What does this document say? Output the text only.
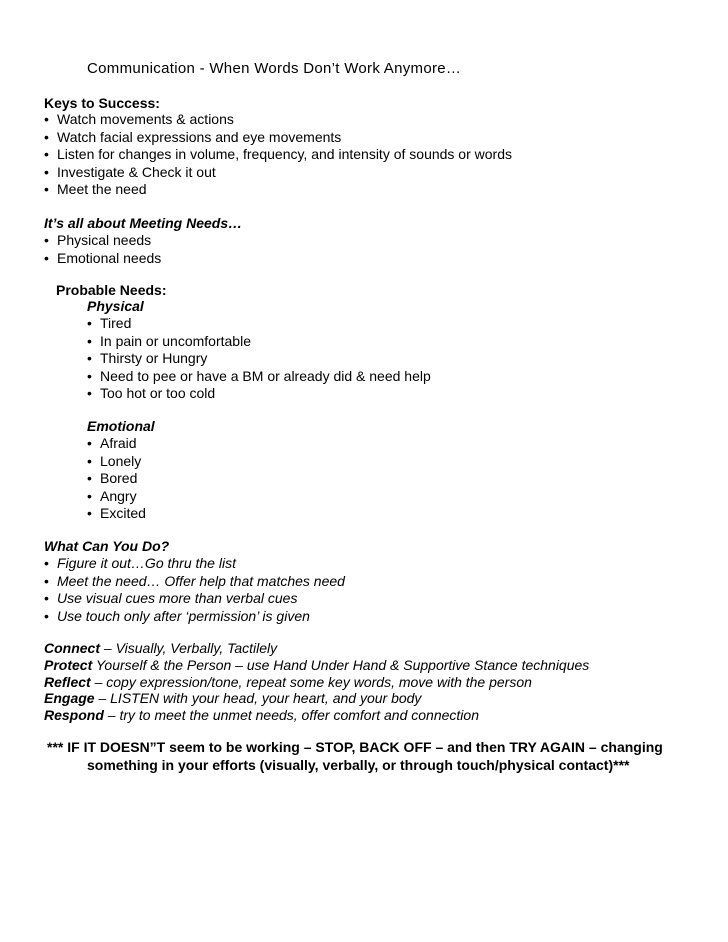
Communication - When Words Don’t Work Anymore…
Keys to Success:
• Watch movements & actions
• Watch facial expressions and eye movements
• Listen for changes in volume, frequency, and intensity of sounds or words
• Investigate & Check it out
• Meet the need
It’s all about Meeting Needs…
• Physical needs
• Emotional needs
Probable Needs:
Physical
• Tired
• In pain or uncomfortable
• Thirsty or Hungry
• Need to pee or have a BM or already did & need help
• Too hot or too cold
Emotional
• Afraid
• Lonely
• Bored
• Angry
• Excited
What Can You Do?
• Figure it out…Go thru the list
• Meet the need… Offer help that matches need
• Use visual cues more than verbal cues
• Use touch only after ‘permission’ is given
Connect – Visually, Verbally, Tactilely
Protect Yourself & the Person – use Hand Under Hand & Supportive Stance techniques
Reflect – copy expression/tone, repeat some key words, move with the person
Engage – LISTEN with your head, your heart, and your body
Respond – try to meet the unmet needs, offer comfort and connection
*** IF IT DOESN”T seem to be working – STOP, BACK OFF – and then TRY AGAIN – changing
something in your efforts (visually, verbally, or through touch/physical contact)***
